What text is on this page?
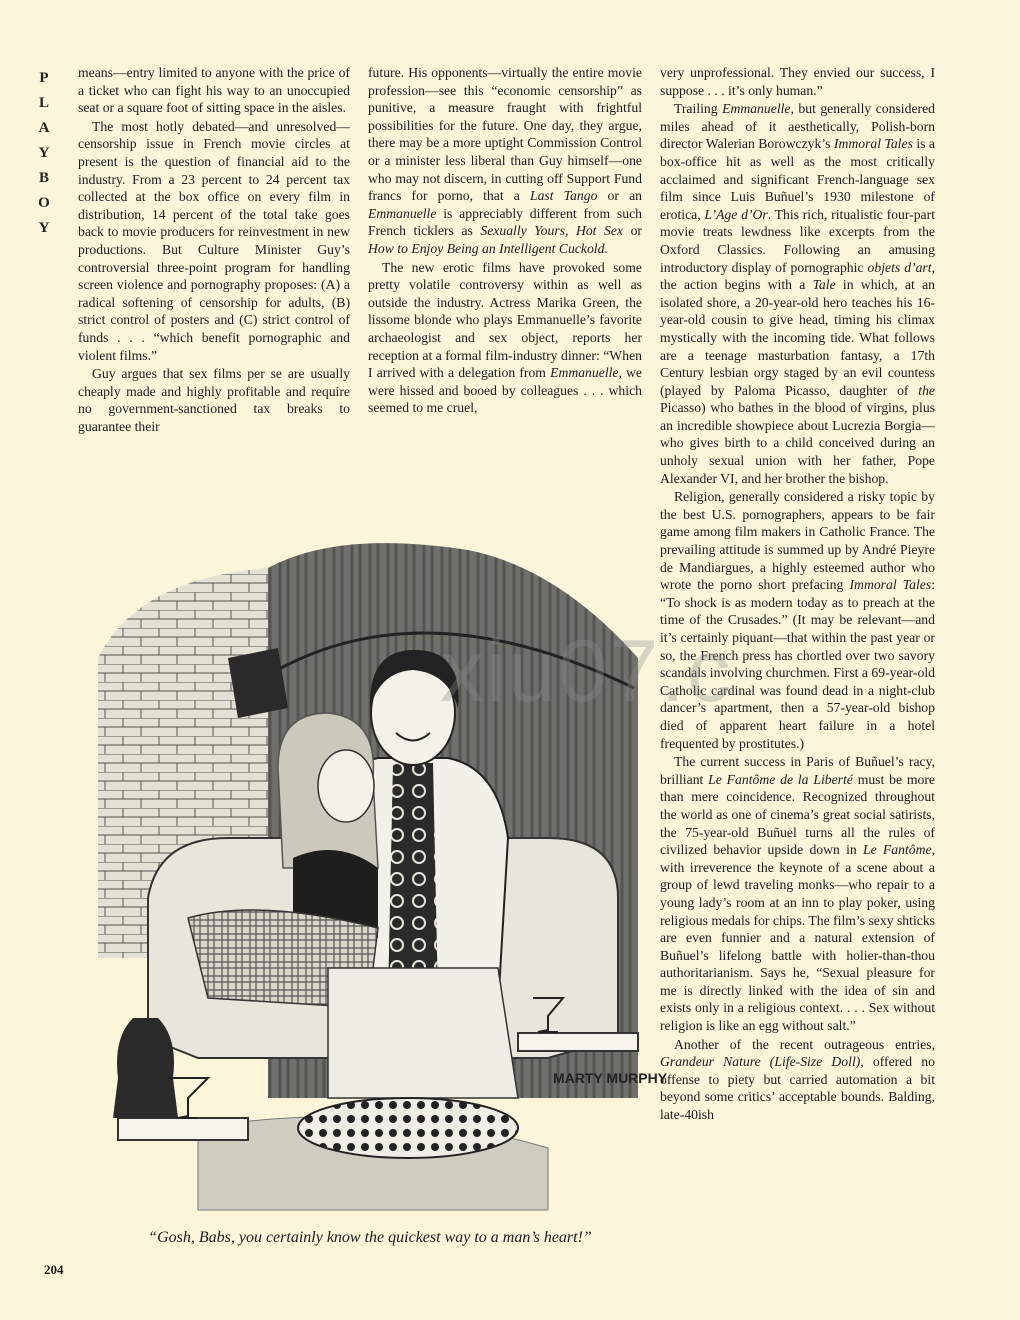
PLAYBOY

means—entry limited to anyone with the price of a ticket who can fight his way to an unoccupied seat or a square foot of sitting space in the aisles.

The most hotly debated—and unresolved—censorship issue in French movie circles at present is the question of financial aid to the industry. From a 23 percent to 24 percent tax collected at the box office on every film in distribution, 14 percent of the total take goes back to movie producers for reinvestment in new productions. But Culture Minister Guy’s controversial three-point program for handling screen violence and pornography proposes: (A) a radical softening of censorship for adults, (B) strict control of posters and (C) strict control of funds . . . “which benefit pornographic and violent films.”

Guy argues that sex films per se are usually cheaply made and highly profitable and require no government-sanctioned tax breaks to guarantee their

future. His opponents—virtually the entire movie profession—see this “economic censorship” as punitive, a measure fraught with frightful possibilities for the future. One day, they argue, there may be a more uptight Commission Control or a minister less liberal than Guy himself—one who may not discern, in cutting off Support Fund francs for porno, that a Last Tango or an Emmanuelle is appreciably different from such French ticklers as Sexually Yours, Hot Sex or How to Enjoy Being an Intelligent Cuckold.

The new erotic films have provoked some pretty volatile controversy within as well as outside the industry. Actress Marika Green, the lissome blonde who plays Emmanuelle’s favorite archaeologist and sex object, reports her reception at a formal film-industry dinner: “When I arrived with a delegation from Emmanuelle, we were hissed and booed by colleagues . . . which seemed to me cruel,

very unprofessional. They envied our success, I suppose . . . it’s only human.”

Trailing Emmanuelle, but generally considered miles ahead of it aesthetically, Polish-born director Walerian Borowczyk’s Immoral Tales is a box-office hit as well as the most critically acclaimed and significant French-language sex film since Luis Buñuel’s 1930 milestone of erotica, L’Age d’Or. This rich, ritualistic four-part movie treats lewdness like excerpts from the Oxford Classics. Following an amusing introductory display of pornographic objets d’art, the action begins with a Tale in which, at an isolated shore, a 20-year-old hero teaches his 16-year-old cousin to give head, timing his climax mystically with the incoming tide. What follows are a teenage masturbation fantasy, a 17th Century lesbian orgy staged by an evil countess (played by Paloma Picasso, daughter of the Picasso) who bathes in the blood of virgins, plus an incredible showpiece about Lucrezia Borgia—who gives birth to a child conceived during an unholy sexual union with her father, Pope Alexander VI, and her brother the bishop.

Religion, generally considered a risky topic by the best U.S. pornographers, appears to be fair game among film makers in Catholic France. The prevailing attitude is summed up by André Pieyre de Mandiargues, a highly esteemed author who wrote the porno short prefacing Immoral Tales: “To shock is as modern today as to preach at the time of the Crusades.” (It may be relevant—and it’s certainly piquant—that within the past year or so, the French press has chortled over two savory scandals involving churchmen. First a 69-year-old Catholic cardinal was found dead in a night-club dancer’s apartment, then a 57-year-old bishop died of apparent heart failure in a hotel frequented by prostitutes.)

The current success in Paris of Buñuel’s racy, brilliant Le Fantôme de la Liberté must be more than mere coincidence. Recognized throughout the world as one of cinema’s great social satirists, the 75-year-old Buñuel turns all the rules of civilized behavior upside down in Le Fantôme, with irreverence the keynote of a scene about a group of lewd traveling monks—who repair to a young lady’s room at an inn to play poker, using religious medals for chips. The film’s sexy shticks are even funnier and a natural extension of Buñuel’s lifelong battle with holier-than-thou authoritarianism. Says he, “Sexual pleasure for me is directly linked with the idea of sin and exists only in a religious context. . . . Sex without religion is like an egg without salt.”

Another of the recent outrageous entries, Grandeur Nature (Life-Size Doll), offered no offense to piety but carried automation a bit beyond some critics’ acceptable bounds. Balding, late-40ish

MARTY MURPHY
xiu07.c
“Gosh, Babs, you certainly know the quickest way to a man’s heart!”
204
